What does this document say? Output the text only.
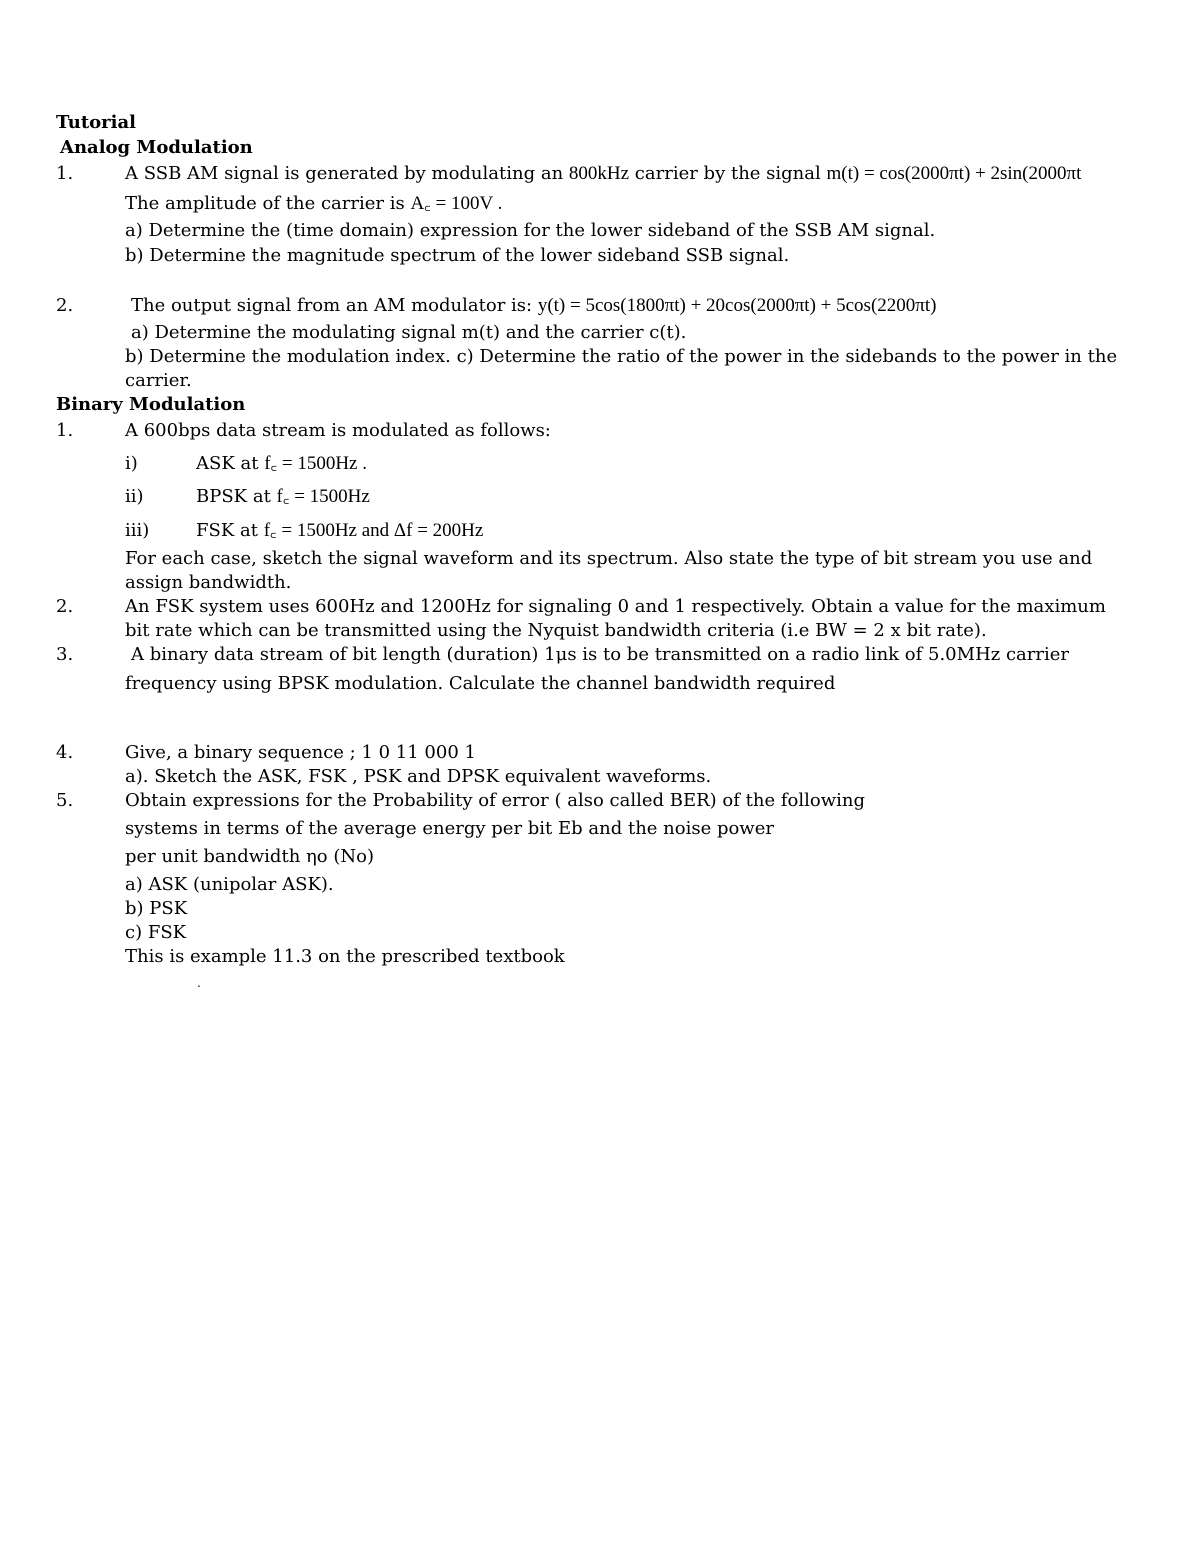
Tutorial
Analog Modulation
1.	A SSB AM signal is generated by modulating an 800kHz carrier by the signal m(t) = cos(2000πt) + 2sin(2000πt
The amplitude of the carrier is A꜀ = 100V .
a) Determine the (time domain) expression for the lower sideband of the SSB AM signal.
b) Determine the magnitude spectrum of the lower sideband SSB signal.
2.	The output signal from an AM modulator is: y(t) = 5cos(1800πt) + 20cos(2000πt) + 5cos(2200πt)
a) Determine the modulating signal m(t) and the carrier c(t).
b) Determine the modulation index. c) Determine the ratio of the power in the sidebands to the power in the
carrier.
Binary Modulation
1.	A 600bps data stream is modulated as follows:
i)	ASK at f꜀ = 1500Hz .
ii)	BPSK at f꜀ = 1500Hz
iii)	FSK at f꜀ = 1500Hz and Δf = 200Hz
For each case, sketch the signal waveform and its spectrum. Also state the type of bit stream you use and
assign bandwidth.
2.	An FSK system uses 600Hz and 1200Hz for signaling 0 and 1 respectively. Obtain a value for the maximum
bit rate which can be transmitted using the Nyquist bandwidth criteria (i.e BW = 2 x bit rate).
3.	A binary data stream of bit length (duration) 1μs is to be transmitted on a radio link of 5.0MHz carrier
frequency using BPSK modulation. Calculate the channel bandwidth required
4.	Give, a binary sequence ; 1 0 11 000 1
a). Sketch the ASK, FSK , PSK and DPSK equivalent waveforms.
5.	Obtain expressions for the Probability of error ( also called BER) of the following
systems in terms of the average energy per bit Eb and the noise power
per unit bandwidth ηo (No)
a) ASK (unipolar ASK).
b) PSK
c) FSK
This is example 11.3 on the prescribed textbook
.
